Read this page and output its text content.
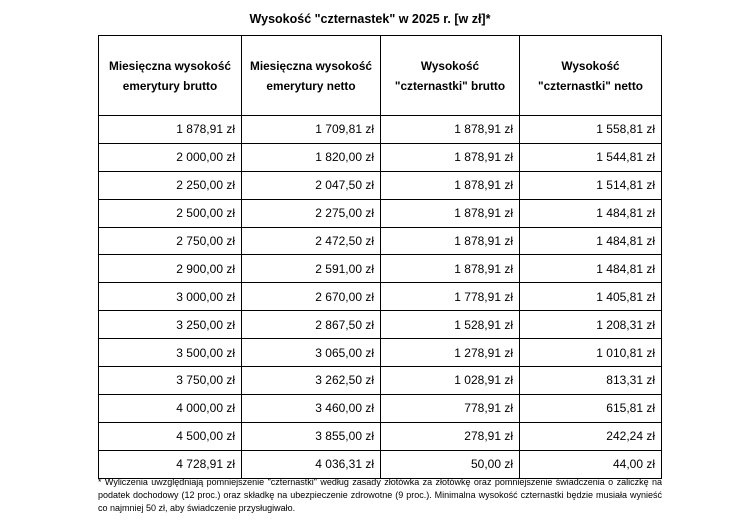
Wysokość "czternastek" w 2025 r. [w zł]*
Miesięczna wysokość emerytury brutto	Miesięczna wysokość emerytury netto	Wysokość "czternastki" brutto	Wysokość "czternastki" netto
1 878,91 zł	1 709,81 zł	1 878,91 zł	1 558,81 zł
2 000,00 zł	1 820,00 zł	1 878,91 zł	1 544,81 zł
2 250,00 zł	2 047,50 zł	1 878,91 zł	1 514,81 zł
2 500,00 zł	2 275,00 zł	1 878,91 zł	1 484,81 zł
2 750,00 zł	2 472,50 zł	1 878,91 zł	1 484,81 zł
2 900,00 zł	2 591,00 zł	1 878,91 zł	1 484,81 zł
3 000,00 zł	2 670,00 zł	1 778,91 zł	1 405,81 zł
3 250,00 zł	2 867,50 zł	1 528,91 zł	1 208,31 zł
3 500,00 zł	3 065,00 zł	1 278,91 zł	1 010,81 zł
3 750,00 zł	3 262,50 zł	1 028,91 zł	813,31 zł
4 000,00 zł	3 460,00 zł	778,91 zł	615,81 zł
4 500,00 zł	3 855,00 zł	278,91 zł	242,24 zł
4 728,91 zł	4 036,31 zł	50,00 zł	44,00 zł
* Wyliczenia uwzględniają pomniejszenie "czternastki" według zasady złotówka za złotówkę oraz pomniejszenie świadczenia o zaliczkę na podatek dochodowy (12 proc.) oraz składkę na ubezpieczenie zdrowotne (9 proc.). Minimalna wysokość czternastki będzie musiała wynieść co najmniej 50 zł, aby świadczenie przysługiwało.
